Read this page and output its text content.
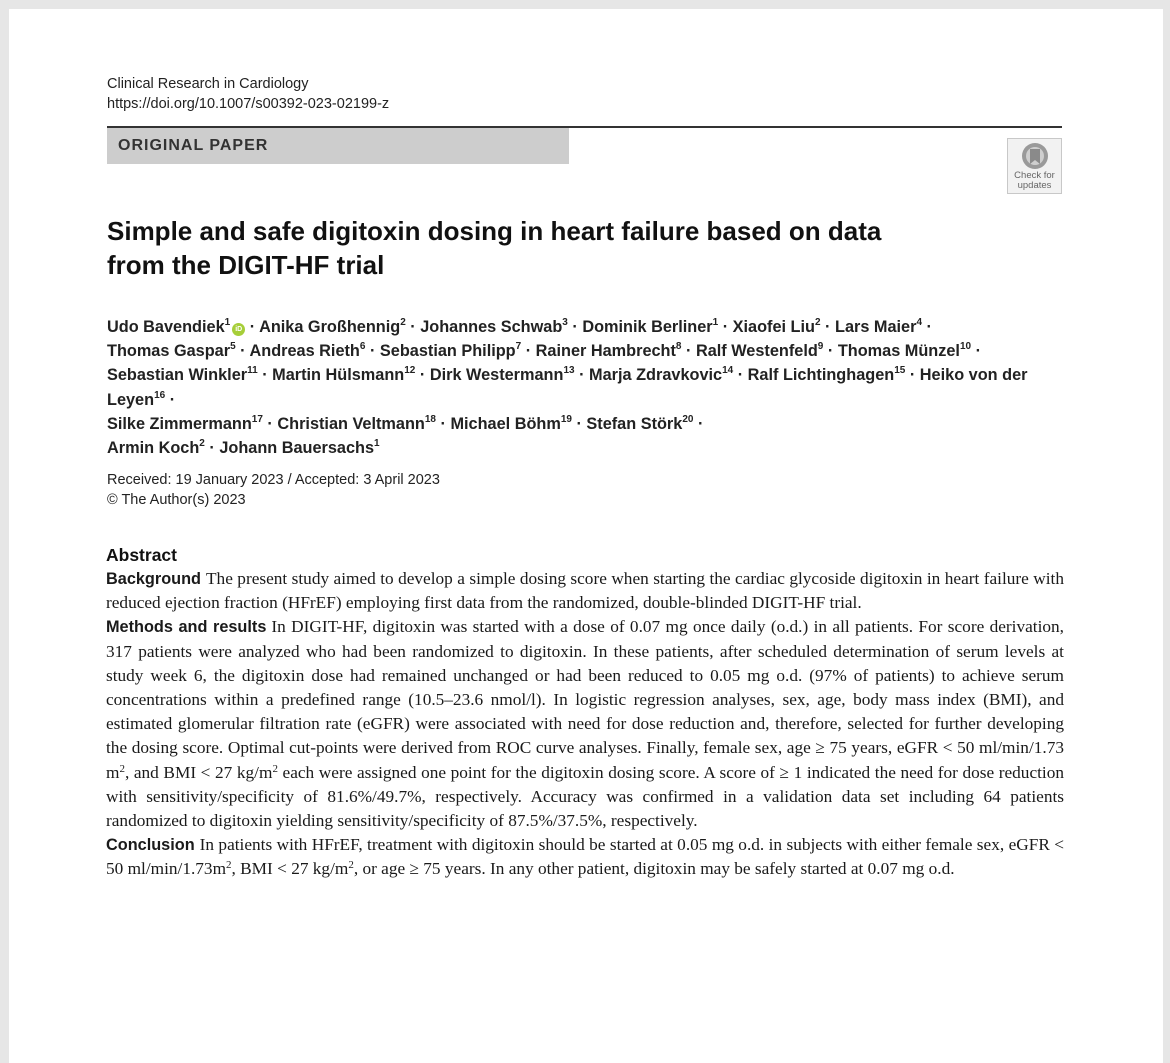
Clinical Research in Cardiology
https://doi.org/10.1007/s00392-023-02199-z
ORIGINAL PAPER
Check for
updates
Simple and safe digitoxin dosing in heart failure based on data
from the DIGIT-HF trial
Udo Bavendiek$^1$iD · Anika Großhennig$^2$ · Johannes Schwab$^3$ · Dominik Berliner$^1$ · Xiaofei Liu$^2$ · Lars Maier$^4$ ·
Thomas Gaspar$^5$ · Andreas Rieth$^6$ · Sebastian Philipp$^7$ · Rainer Hambrecht$^8$ · Ralf Westenfeld$^9$ · Thomas Münzel$^{10}$ ·
Sebastian Winkler$^{11}$ · Martin Hülsmann$^{12}$ · Dirk Westermann$^{13}$ · Marja Zdravkovic$^{14}$ · Ralf Lichtinghagen$^{15}$ · Heiko von der Leyen$^{16}$ ·
Silke Zimmermann$^{17}$ · Christian Veltmann$^{18}$ · Michael Böhm$^{19}$ · Stefan Störk$^{20}$ ·
Armin Koch$^2$ · Johann Bauersachs$^1$
Received: 19 January 2023 / Accepted: 3 April 2023
© The Author(s) 2023
Abstract

Background The present study aimed to develop a simple dosing score when starting the cardiac glycoside digitoxin in heart failure with reduced ejection fraction (HFrEF) employing first data from the randomized, double-blinded DIGIT-HF trial.

Methods and results In DIGIT-HF, digitoxin was started with a dose of 0.07 mg once daily (o.d.) in all patients. For score derivation, 317 patients were analyzed who had been randomized to digitoxin. In these patients, after scheduled determination of serum levels at study week 6, the digitoxin dose had remained unchanged or had been reduced to 0.05 mg o.d. (97% of patients) to achieve serum concentrations within a predefined range (10.5–23.6 nmol/l). In logistic regression analyses, sex, age, body mass index (BMI), and estimated glomerular filtration rate (eGFR) were associated with need for dose reduction and, therefore, selected for further developing the dosing score. Optimal cut-points were derived from ROC curve analyses. Finally, female sex, age ≥ 75 years, eGFR < 50 ml/min/1.73 $m^2$, and BMI < 27 $kg/m^2$ each were assigned one point for the digitoxin dosing score. A score of ≥ 1 indicated the need for dose reduction with sensitivity/specificity of 81.6%/49.7%, respectively. Accuracy was confirmed in a validation data set including 64 patients randomized to digitoxin yielding sensitivity/specificity of 87.5%/37.5%, respectively.

Conclusion In patients with HFrEF, treatment with digitoxin should be started at 0.05 mg o.d. in subjects with either female sex, eGFR < 50 $ml/\min/1.73m^2$, BMI < 27 $kg/m^2$, or age ≥ 75 years. In any other patient, digitoxin may be safely started at 0.07 mg o.d.
